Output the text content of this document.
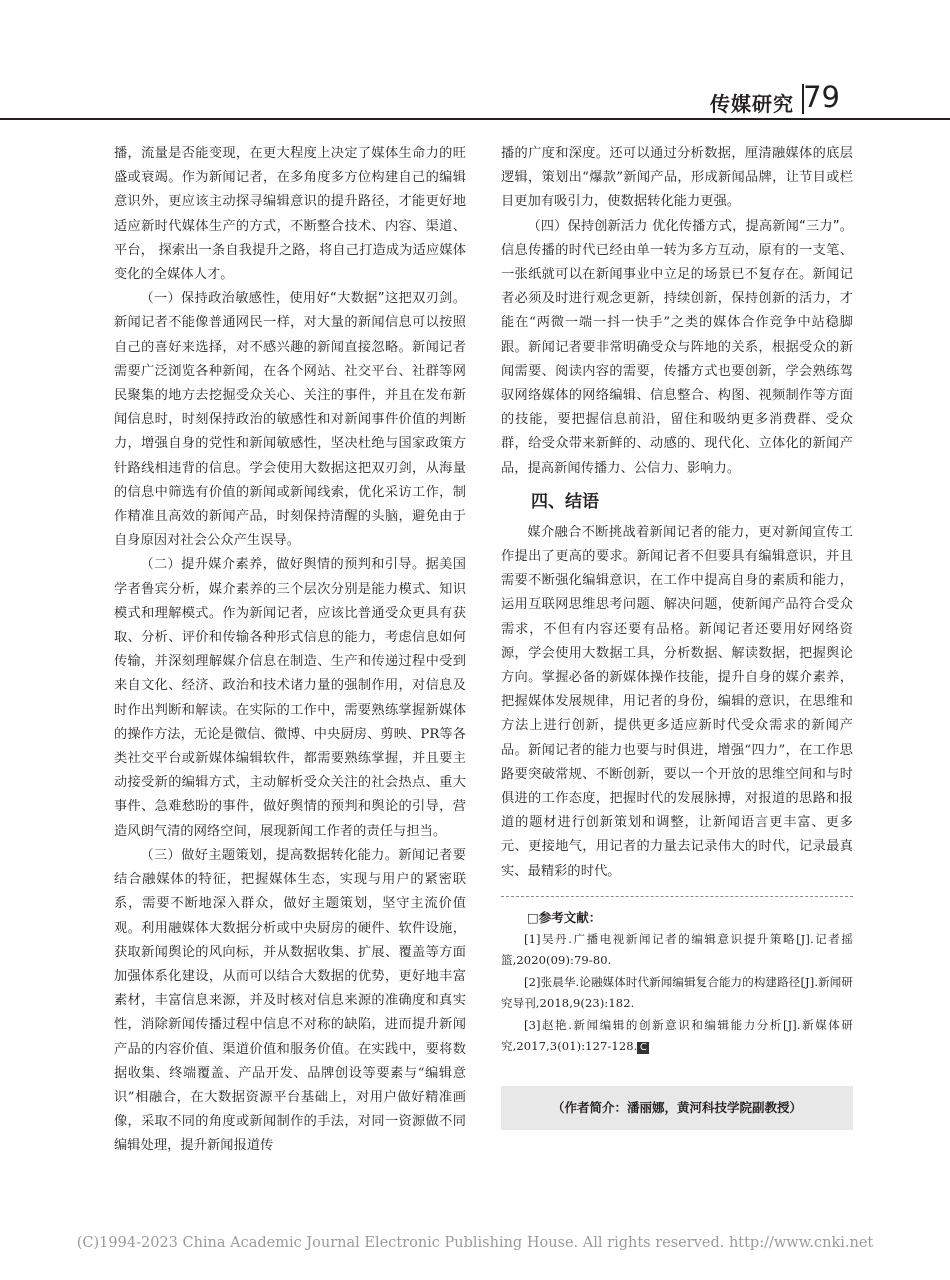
传媒研究 79

播，流量是否能变现，在更大程度上决定了媒体生命力的旺盛或衰竭。作为新闻记者，在多角度多方位构建自己的编辑意识外，更应该主动探寻编辑意识的提升路径，才能更好地适应新时代媒体生产的方式，不断整合技术、内容、渠道、平台， 探索出一条自我提升之路，将自己打造成为适应媒体变化的全媒体人才。

（一）保持政治敏感性，使用好“大数据”这把双刃剑。新闻记者不能像普通网民一样，对大量的新闻信息可以按照自己的喜好来选择，对不感兴趣的新闻直接忽略。新闻记者需要广泛浏览各种新闻，在各个网站、社交平台、社群等网民聚集的地方去挖掘受众关心、关注的事件，并且在发布新闻信息时，时刻保持政治的敏感性和对新闻事件价值的判断力，增强自身的党性和新闻敏感性，坚决杜绝与国家政策方针路线相违背的信息。学会使用大数据这把双刃剑，从海量的信息中筛选有价值的新闻或新闻线索，优化采访工作，制作精准且高效的新闻产品，时刻保持清醒的头脑，避免由于自身原因对社会公众产生误导。

（二）提升媒介素养，做好舆情的预判和引导。据美国学者鲁宾分析，媒介素养的三个层次分别是能力模式、知识模式和理解模式。作为新闻记者，应该比普通受众更具有获取、分析、评价和传输各种形式信息的能力，考虑信息如何传输，并深刻理解媒介信息在制造、生产和传递过程中受到来自文化、经济、政治和技术诸力量的强制作用，对信息及时作出判断和解读。在实际的工作中，需要熟练掌握新媒体的操作方法，无论是微信、微博、中央厨房、剪映、PR等各类社交平台或新媒体编辑软件，都需要熟练掌握，并且要主动接受新的编辑方式，主动解析受众关注的社会热点、重大事件、急难愁盼的事件，做好舆情的预判和舆论的引导，营造风朗气清的网络空间，展现新闻工作者的责任与担当。

（三）做好主题策划，提高数据转化能力。新闻记者要结合融媒体的特征，把握媒体生态，实现与用户的紧密联系，需要不断地深入群众，做好主题策划，坚守主流价值观。利用融媒体大数据分析或中央厨房的硬件、软件设施，获取新闻舆论的风向标，并从数据收集、扩展、覆盖等方面加强体系化建设，从而可以结合大数据的优势，更好地丰富素材，丰富信息来源，并及时核对信息来源的准确度和真实性，消除新闻传播过程中信息不对称的缺陷，进而提升新闻产品的内容价值、渠道价值和服务价值。在实践中，要将数据收集、终端覆盖、产品开发、品牌创设等要素与“编辑意识”相融合，在大数据资源平台基础上，对用户做好精准画像，采取不同的角度或新闻制作的手法，对同一资源做不同编辑处理，提升新闻报道传

播的广度和深度。还可以通过分析数据，厘清融媒体的底层逻辑，策划出“爆款”新闻产品，形成新闻品牌，让节目或栏目更加有吸引力，使数据转化能力更强。

（四）保持创新活力 优化传播方式，提高新闻“三力”。信息传播的时代已经由单一转为多方互动，原有的一支笔、一张纸就可以在新闻事业中立足的场景已不复存在。新闻记者必须及时进行观念更新，持续创新，保持创新的活力，才能在“两微一端一抖一快手”之类的媒体合作竞争中站稳脚跟。新闻记者要非常明确受众与阵地的关系，根据受众的新闻需要、阅读内容的需要，传播方式也要创新，学会熟练驾驭网络媒体的网络编辑、信息整合、构图、视频制作等方面的技能，要把握信息前沿，留住和吸纳更多消费群、受众群，给受众带来新鲜的、动感的、现代化、立体化的新闻产品，提高新闻传播力、公信力、影响力。

四、结语

媒介融合不断挑战着新闻记者的能力，更对新闻宣传工作提出了更高的要求。新闻记者不但要具有编辑意识，并且需要不断强化编辑意识，在工作中提高自身的素质和能力，运用互联网思维思考问题、解决问题，使新闻产品符合受众需求，不但有内容还要有品格。新闻记者还要用好网络资源，学会使用大数据工具，分析数据、解读数据，把握舆论方向。掌握必备的新媒体操作技能，提升自身的媒介素养，把握媒体发展规律，用记者的身份，编辑的意识，在思维和方法上进行创新，提供更多适应新时代受众需求的新闻产品。新闻记者的能力也要与时俱进，增强“四力”，在工作思路要突破常规、不断创新，要以一个开放的思维空间和与时俱进的工作态度，把握时代的发展脉搏，对报道的思路和报道的题材进行创新策划和调整，让新闻语言更丰富、更多元、更接地气，用记者的力量去记录伟大的时代，记录最真实、最精彩的时代。

□参考文献：

[1]吴丹.广播电视新闻记者的编辑意识提升策略[J].记者摇篮,2020(09):79-80.

[2]张晨华.论融媒体时代新闻编辑复合能力的构建路径[J].新闻研究导刊,2018,9(23):182.

[3]赵艳.新闻编辑的创新意识和编辑能力分析[J].新媒体研究,2017,3(01):127-128. C

（作者简介：潘丽娜，黄河科技学院副教授）
(C)1994-2023 China Academic Journal Electronic Publishing House. All rights reserved. http://www.cnki.net
